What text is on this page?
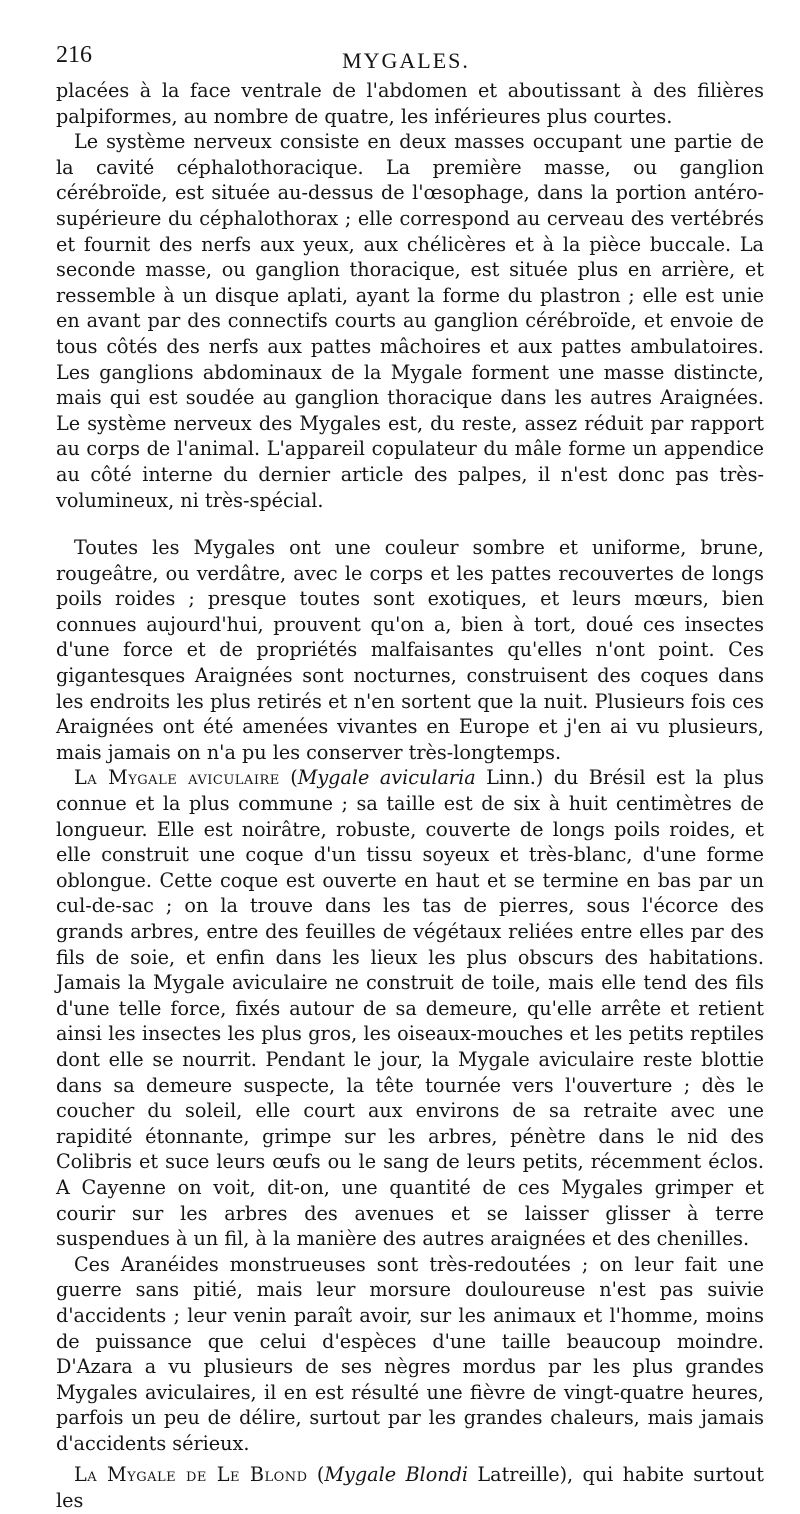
216	MYGALES.

placées à la face ventrale de l'abdomen et aboutissant à des filières palpiformes, au nombre de quatre, les inférieures plus courtes.

Le système nerveux consiste en deux masses occupant une partie de la cavité céphalothoracique. La première masse, ou ganglion cérébroïde, est située au-dessus de l'œsophage, dans la portion antéro-supérieure du céphalothorax ; elle correspond au cerveau des vertébrés et fournit des nerfs aux yeux, aux chélicères et à la pièce buccale. La seconde masse, ou ganglion thoracique, est située plus en arrière, et ressemble à un disque aplati, ayant la forme du plastron ; elle est unie en avant par des connectifs courts au ganglion cérébroïde, et envoie de tous côtés des nerfs aux pattes mâchoires et aux pattes ambulatoires. Les ganglions abdominaux de la Mygale forment une masse distincte, mais qui est soudée au ganglion thoracique dans les autres Araignées. Le système nerveux des Mygales est, du reste, assez réduit par rapport au corps de l'animal. L'appareil copulateur du mâle forme un appendice au côté interne du dernier article des palpes, il n'est donc pas très-volumineux, ni très-spécial.

Toutes les Mygales ont une couleur sombre et uniforme, brune, rougeâtre, ou verdâtre, avec le corps et les pattes recouvertes de longs poils roides ; presque toutes sont exotiques, et leurs mœurs, bien connues aujourd'hui, prouvent qu'on a, bien à tort, doué ces insectes d'une force et de propriétés malfaisantes qu'elles n'ont point. Ces gigantesques Araignées sont nocturnes, construisent des coques dans les endroits les plus retirés et n'en sortent que la nuit. Plusieurs fois ces Araignées ont été amenées vivantes en Europe et j'en ai vu plusieurs, mais jamais on n'a pu les conserver très-longtemps.

La Mygale aviculaire (Mygale avicularia Linn.) du Brésil est la plus connue et la plus commune ; sa taille est de six à huit centimètres de longueur. Elle est noirâtre, robuste, couverte de longs poils roides, et elle construit une coque d'un tissu soyeux et très-blanc, d'une forme oblongue. Cette coque est ouverte en haut et se termine en bas par un cul-de-sac ; on la trouve dans les tas de pierres, sous l'écorce des grands arbres, entre des feuilles de végétaux reliées entre elles par des fils de soie, et enfin dans les lieux les plus obscurs des habitations. Jamais la Mygale aviculaire ne construit de toile, mais elle tend des fils d'une telle force, fixés autour de sa demeure, qu'elle arrête et retient ainsi les insectes les plus gros, les oiseaux-mouches et les petits reptiles dont elle se nourrit. Pendant le jour, la Mygale aviculaire reste blottie dans sa demeure suspecte, la tête tournée vers l'ouverture ; dès le coucher du soleil, elle court aux environs de sa retraite avec une rapidité étonnante, grimpe sur les arbres, pénètre dans le nid des Colibris et suce leurs œufs ou le sang de leurs petits, récemment éclos. A Cayenne on voit, dit-on, une quantité de ces Mygales grimper et courir sur les arbres des avenues et se laisser glisser à terre suspendues à un fil, à la manière des autres araignées et des chenilles.

Ces Aranéides monstrueuses sont très-redoutées ; on leur fait une guerre sans pitié, mais leur morsure douloureuse n'est pas suivie d'accidents ; leur venin paraît avoir, sur les animaux et l'homme, moins de puissance que celui d'espèces d'une taille beaucoup moindre. D'Azara a vu plusieurs de ses nègres mordus par les plus grandes Mygales aviculaires, il en est résulté une fièvre de vingt-quatre heures, parfois un peu de délire, surtout par les grandes chaleurs, mais jamais d'accidents sérieux.

La Mygale de Le Blond (Mygale Blondi Latreille), qui habite surtout les
